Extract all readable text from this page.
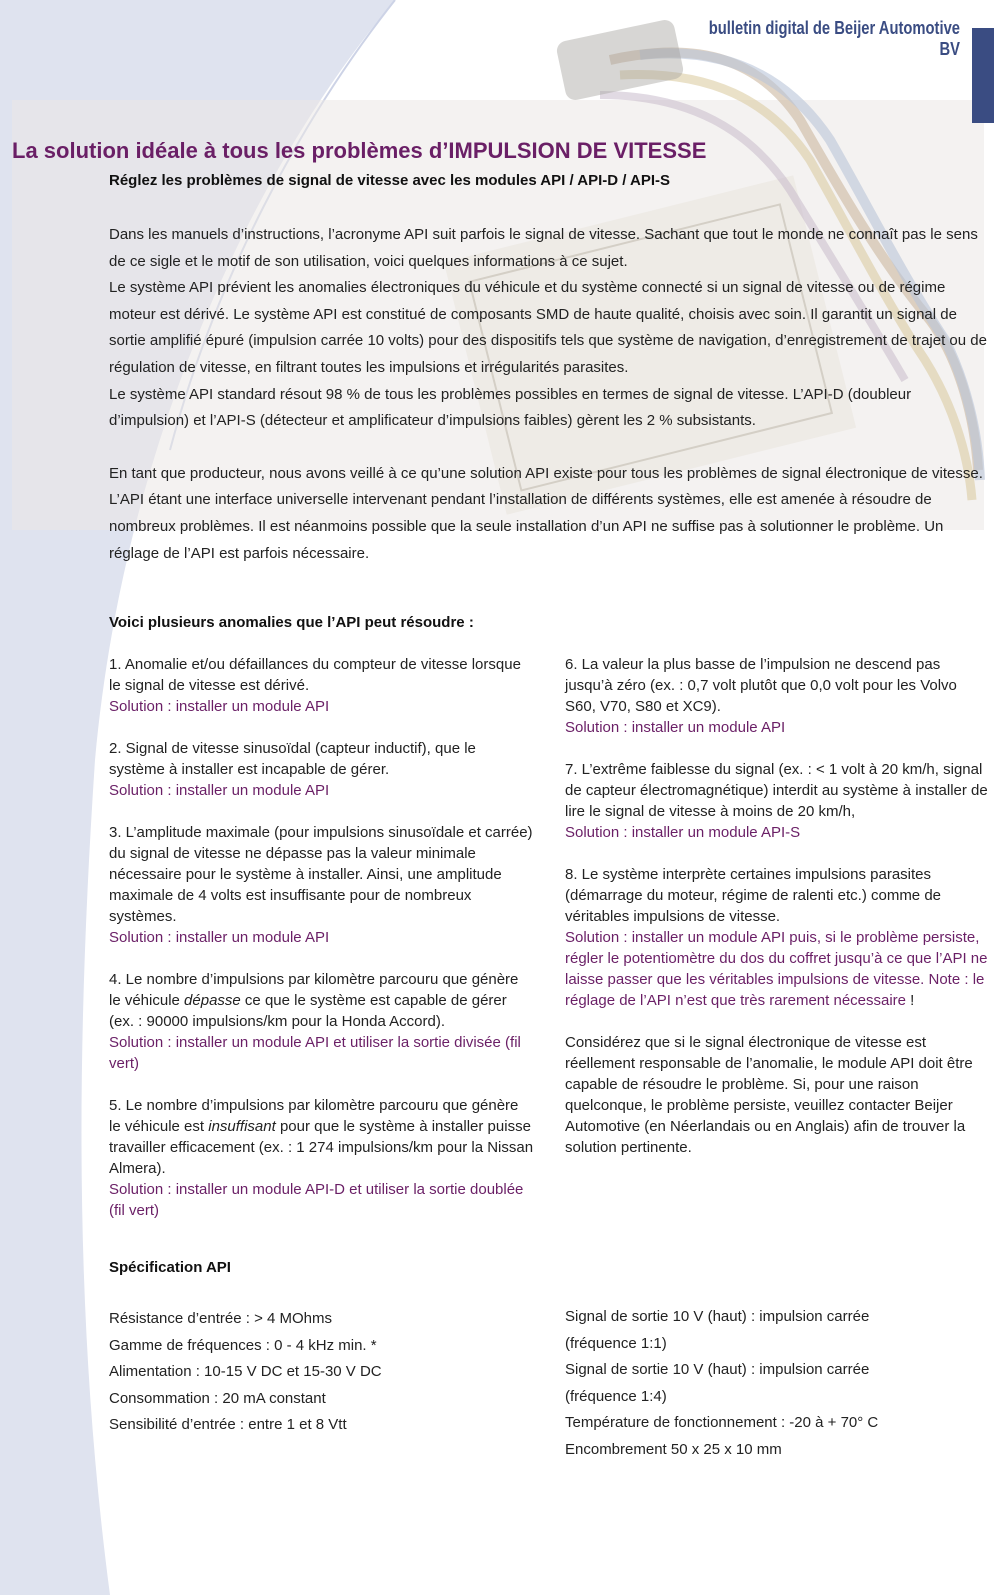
bulletin digital de Beijer Automotive BV
La solution idéale à tous les problèmes d’IMPULSION DE VITESSE
Réglez les problèmes de signal de vitesse avec les modules API / API-D / API-S

Dans les manuels d’instructions, l’acronyme API suit parfois le signal de vitesse. Sachant que tout le monde ne connaît pas le sens de ce sigle et le motif de son utilisation, voici quelques informations à ce sujet.

Le système API prévient les anomalies électroniques du véhicule et du système connecté si un signal de vitesse ou de régime moteur est dérivé. Le système API est constitué de composants SMD de haute qualité, choisis avec soin. Il garantit un signal de sortie amplifié épuré (impulsion carrée 10 volts) pour des dispositifs tels que système de navigation, d’enregistrement de trajet ou de régulation de vitesse, en filtrant toutes les impulsions et irrégularités parasites.

Le système API standard résout 98 % de tous les problèmes possibles en termes de signal de vitesse. L’API-D (doubleur d’impulsion) et l’API-S (détecteur et amplificateur d’impulsions faibles) gèrent les 2 % subsistants.

En tant que producteur, nous avons veillé à ce qu’une solution API existe pour tous les problèmes de signal électronique de vitesse. L’API étant une interface universelle intervenant pendant l’installation de différents systèmes, elle est amenée à résoudre de nombreux problèmes. Il est néanmoins possible que la seule installation d’un API ne suffise pas à solutionner le problème. Un réglage de l’API est parfois nécessaire.

Voici plusieurs anomalies que l’API peut résoudre :

1. Anomalie et/ou défaillances du compteur de vitesse lorsque le signal de vitesse est dérivé.

Solution : installer un module API

2. Signal de vitesse sinusoïdal (capteur inductif), que le système à installer est incapable de gérer.

Solution : installer un module API

3. L’amplitude maximale (pour impulsions sinusoïdale et carrée) du signal de vitesse ne dépasse pas la valeur minimale nécessaire pour le système à installer. Ainsi, une amplitude maximale de 4 volts est insuffisante pour de nombreux systèmes.

Solution : installer un module API

4. Le nombre d’impulsions par kilomètre parcouru que génère le véhicule dépasse ce que le système est capable de gérer (ex. : 90000 impulsions/km pour la Honda Accord).

Solution : installer un module API et utiliser la sortie divisée (fil vert)

5. Le nombre d’impulsions par kilomètre parcouru que génère le véhicule est insuffisant pour que le système à installer puisse travailler efficacement (ex. : 1 274 impulsions/km pour la Nissan Almera).

Solution : installer un module API-D et utiliser la sortie doublée (fil vert)

6. La valeur la plus basse de l’impulsion ne descend pas jusqu’à zéro (ex. : 0,7 volt plutôt que 0,0 volt pour les Volvo S60, V70, S80 et XC9).

Solution : installer un module API

7. L’extrême faiblesse du signal (ex. : < 1 volt à 20 km/h, signal de capteur électromagnétique) interdit au système à installer de lire le signal de vitesse à moins de 20 km/h,

Solution : installer un module API-S

8. Le système interprète certaines impulsions parasites (démarrage du moteur, régime de ralenti etc.) comme de véritables impulsions de vitesse.

Solution : installer un module API puis, si le problème persiste, régler le potentiomètre du dos du coffret jusqu’à ce que l’API ne laisse passer que les véritables impulsions de vitesse. Note : le réglage de l’API n’est que très rarement nécessaire !

Considérez que si le signal électronique de vitesse est réellement responsable de l’anomalie, le module API doit être capable de résoudre le problème. Si, pour une raison quelconque, le problème persiste, veuillez contacter Beijer Automotive (en Néerlandais ou en Anglais) afin de trouver la solution pertinente.

Spécification API
Résistance d’entrée : > 4 MOhms
Gamme de fréquences : 0 - 4 kHz min. *
Alimentation : 10-15 V DC et 15-30 V DC
Consommation : 20 mA constant
Sensibilité d’entrée : entre 1 et 8 Vtt
Signal de sortie 10 V (haut) : impulsion carrée
(fréquence 1:1)
Signal de sortie 10 V (haut) : impulsion carrée
(fréquence 1:4)
Température de fonctionnement : -20 à + 70° C
Encombrement 50 x 25 x 10 mm
